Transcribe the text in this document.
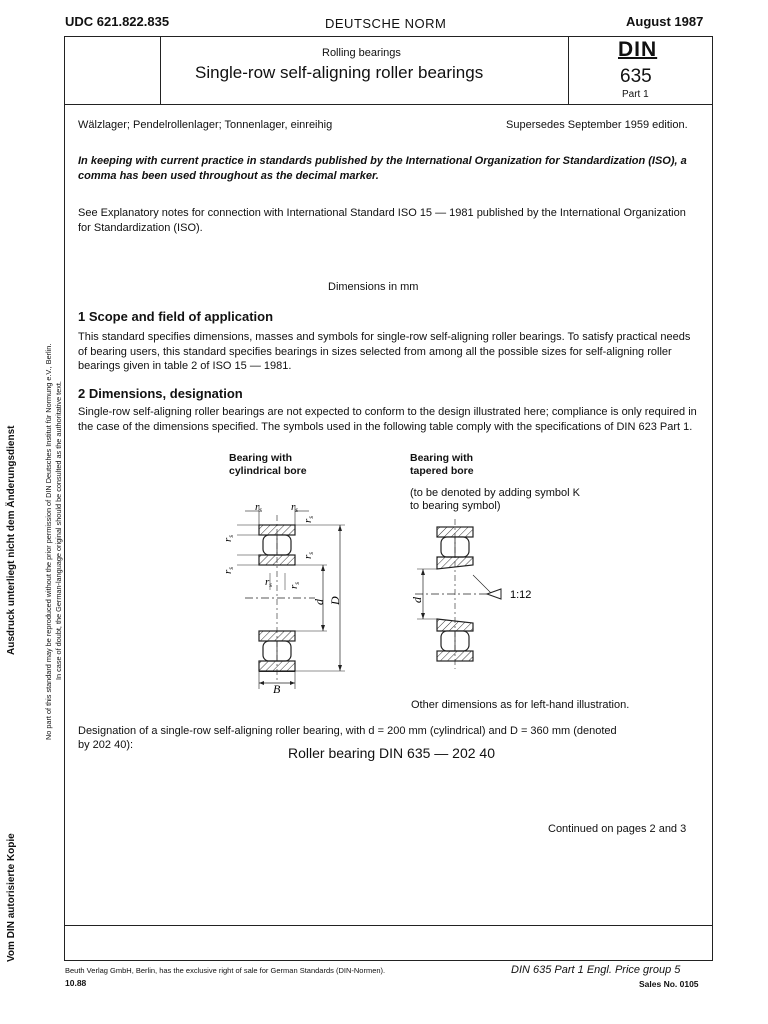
UDC 621.822.835	DEUTSCHE NORM	August 1987
Rolling bearings
Single-row self-aligning roller bearings
DIN
635
Part 1
Wälzlager; Pendelrollenlager; Tonnenlager, einreihig	Supersedes September 1959 edition.
In keeping with current practice in standards published by the International Organization for Standardization (ISO), a comma has been used throughout as the decimal marker.
See Explanatory notes for connection with International Standard ISO 15 — 1981 published by the International Organization for Standardization (ISO).
Dimensions in mm
1 Scope and field of application
This standard specifies dimensions, masses and symbols for single-row self-aligning roller bearings. To satisfy practical needs of bearing users, this standard specifies bearings in sizes selected from among all the possible sizes for self-aligning roller bearings given in table 2 of ISO 15 — 1981.
2 Dimensions, designation
Single-row self-aligning roller bearings are not expected to conform to the design illustrated here; compliance is only required in the case of the dimensions specified. The symbols used in the following table comply with the specifications of DIN 623 Part 1.
Bearing with
cylindrical bore
Bearing with
tapered bore
(to be denoted by adding symbol K
to bearing symbol)
rs	rs
rs
rs
rs rs
rs
rs
d D
B
d	1:12
Other dimensions as for left-hand illustration.
Designation of a single-row self-aligning roller bearing, with d = 200 mm (cylindrical) and D = 360 mm (denoted
by 202 40):	Roller bearing DIN 635 — 202 40
Continued on pages 2 and 3
Beuth Verlag GmbH, Berlin, has the exclusive right of sale for German Standards (DIN-Normen).
10.88
DIN 635 Part 1 Engl. Price group 5
Sales No. 0105
Ausdruck unterliegt nicht dem Änderungsdienst
Vom DIN autorisierte Kopie
No part of this standard may be reproduced without the prior permission of DIN Deutsches Institut für Normung e.V., Berlin. In case of doubt, the German-language original should be consulted as the authoritative text.
